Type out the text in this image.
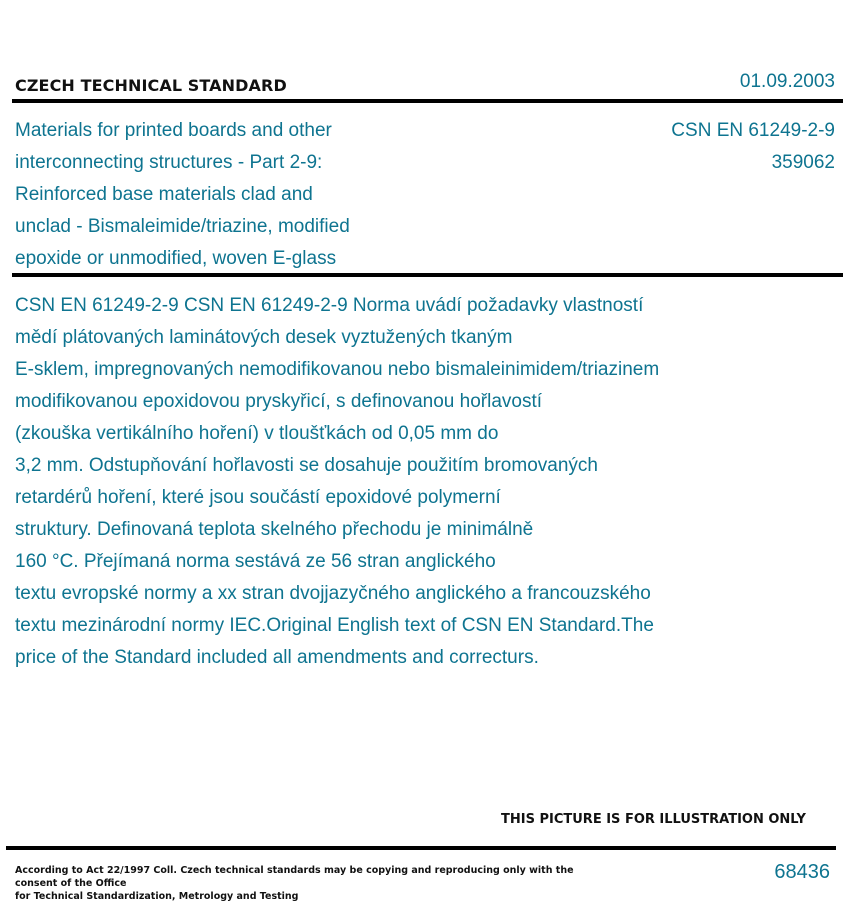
CZECH TECHNICAL STANDARD	01.09.2003
Materials for printed boards and other
interconnecting structures - Part 2-9:
Reinforced base materials clad and
unclad - Bismaleimide/triazine, modified
epoxide or unmodified, woven E-glass
CSN EN 61249-2-9
359062
CSN EN 61249-2-9 CSN EN 61249-2-9 Norma uvádí požadavky vlastností
mědí plátovaných laminátových desek vyztužených tkaným
E-sklem, impregnovaných nemodifikovanou nebo bismaleinimidem/triazinem
modifikovanou epoxidovou pryskyřicí, s definovanou hořlavostí
(zkouška vertikálního hoření) v tloušťkách od 0,05 mm do
3,2 mm. Odstupňování hořlavosti se dosahuje použitím bromovaných
retardérů hoření, které jsou součástí epoxidové polymerní
struktury. Definovaná teplota skelného přechodu je minimálně
160 °C. Přejímaná norma sestává ze 56 stran anglického
textu evropské normy a xx stran dvojjazyčného anglického a francouzského
textu mezinárodní normy IEC.Original English text of CSN EN Standard.The
price of the Standard included all amendments and correcturs.
THIS PICTURE IS FOR ILLUSTRATION ONLY
According to Act 22/1997 Coll. Czech technical standards may be copying and reproducing only with the consent of the Office
for Technical Standardization, Metrology and Testing
68436
